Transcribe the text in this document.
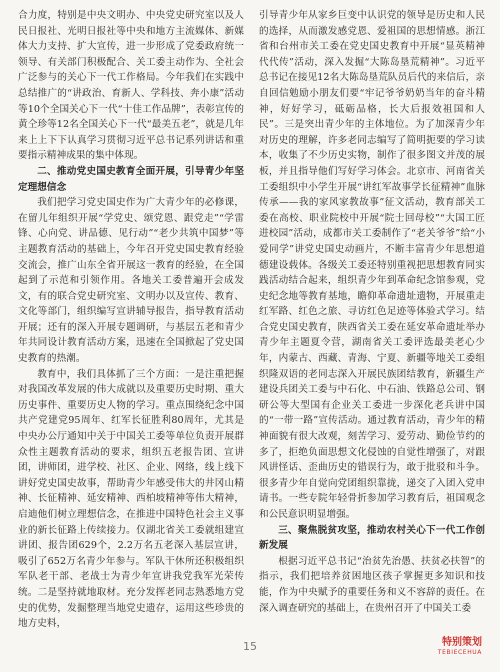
合力度，特别是中央文明办、中央党史研究室以及人民日报社、光明日报社等中央和地方主流媒体、新媒体大力支持、扩大宣传，进一步形成了党委政府统一领导、有关部门积极配合、关工委主动作为、全社会广泛参与的关心下一代工作格局。今年我们在实践中总结推广的“讲政治、育新人、学科技、奔小康”活动等10个全国关心下一代“十佳工作品牌”，表彰宣传的黄仝珍等12名全国关心下一代“最美五老”，就是几年来上上下下认真学习贯彻习近平总书记系列讲话和重要指示精神成果的集中体现。

二、推动党史国史教育全面开展，引导青少年坚定理想信念

我们把学习党史国史作为广大青少年的必修课，在留儿年组织开展“学党史、颂党恩、跟党走”“学雷锋、心向党、讲品德、见行动”“老少共筑中国梦”等主题教育活动的基础上，今年召开党史国史教育经验交流会，推广山东全省开展这一教育的经验，在全国起到了示范和引领作用。各地关工委普遍开会成发文，有的联合党史研究室、文明办以及宣传、教育、文化等部门，组织编写宣讲辅导报告，指导教育活动开展；还有的深入开展专题调研，与基层五老和青少年共同设计教育活动方案，迅速在全国掀起了党史国史教育的热潮。

教育中，我们具体抓了三个方面：一是注重把握对我国改革发展的伟大成就以及重要历史时期、重大历史事件、重要历史人物的学习。重点围绕纪念中国共产党建党95周年、红军长征胜利80周年，尤其是中央办公厅通知中关于中国关工委等单位负责开展群众性主题教育活动的要求，组织五老报告团、宣讲团，讲师团，进学校、社区、企业、网络，线上线下讲好党史国史故事，帮助青少年感受伟大的井冈山精神、长征精神、延安精神、西柏坡精神等伟大精神，启迪他们树立理想信念，在推进中国特色社会主义事业的新长征路上传续接力。仅湖北省关工委就组建宣讲团、报告团629个，2.2万名五老深入基层宣讲，吸引了652万名青少年参与。军队干休所还积极组织军队老干部、老战士为青少年宣讲我党我军光荣传统。二是坚持就地取材。充分发挥老同志熟悉地方党史的优势，发掘整理当地党史遗存，运用这些珍贵的地方史料，

引导青少年从家乡巨变中认识党的领导是历史和人民的选择，从而激发感党恩、爱祖国的思想情感。浙江省和台州市关工委在党史国史教育中开展“显英精神代代传”活动，深入发掘“大陈岛垦荒精神”。习近平总书记在接见12名大陈岛垦荒队员后代的来信后，亲自回信勉励小朋友们要“牢记爷爷奶奶当年的奋斗精神，好好学习，砥砺品格，长大后报效祖国和人民”。三是突出青少年的主体地位。为了加深青少年对历史的理解，许多老同志编写了简明扼要的学习读本，收集了不少历史实物，制作了很多图文并茂的展板，并且指导他们写好学习体会。北京市、河南省关工委组织中小学生开展“讲红军故事学长征精神”血脉传承——我的家风家教故事”征文活动，教育部关工委在高校、职业院校中开展“院士回母校”“大国工匠进校园”活动，成都市关工委制作了“老关爷爷”给“小爱同学”讲党史国史动画片，不断丰富青少年思想道德建设载体。各级关工委还特别重视把思想教育同实践活动结合起来，组织青少年到革命纪念馆参观，党史纪念地等教育基地，瞻仰革命遗址遗物，开展重走红军路、红色之旅、寻访红色足迹等体验式学习。结合党史国史教育，陕西省关工委在延安革命遗址举办青少年主题夏令营，湖南省关工委评选最美老心少年，内蒙古、西藏、青海、宁夏、新疆等地关工委组织隆双语的老同志深入开展民族团结教育，新疆生产建设兵团关工委与中石化、中石油、铁路总公司、钢研公等大型国有企业关工委进一步深化老兵讲中国的“一带一路”宣传活动。通过教育活动，青少年的精神面貌有很大改观，刻苦学习、爱劳动、勤俭节约的多了，拒绝负面思想文化侵蚀的自觉性增强了，对跟风讲怪话、歪曲历史的错误行为，敢于批驳和斗争。很多青少年自觉向党团组织靠拢，递交了入团入党申请书。一些专院年轻骨折参加学习教育后，祖国观念和公民意识明显增强。

三、聚焦脱贫攻坚，推动农村关心下一代工作创新发展

根据习近平总书记“治贫先治愚、扶贫必扶智”的指示，我们把培养贫困地区孩子掌握更多知识和技能，作为中央赋予的重要任务和义不容辞的责任。在深入调查研究的基础上，在贵州召开了中国关工委

15	特别策划
TEBIECEHUA
